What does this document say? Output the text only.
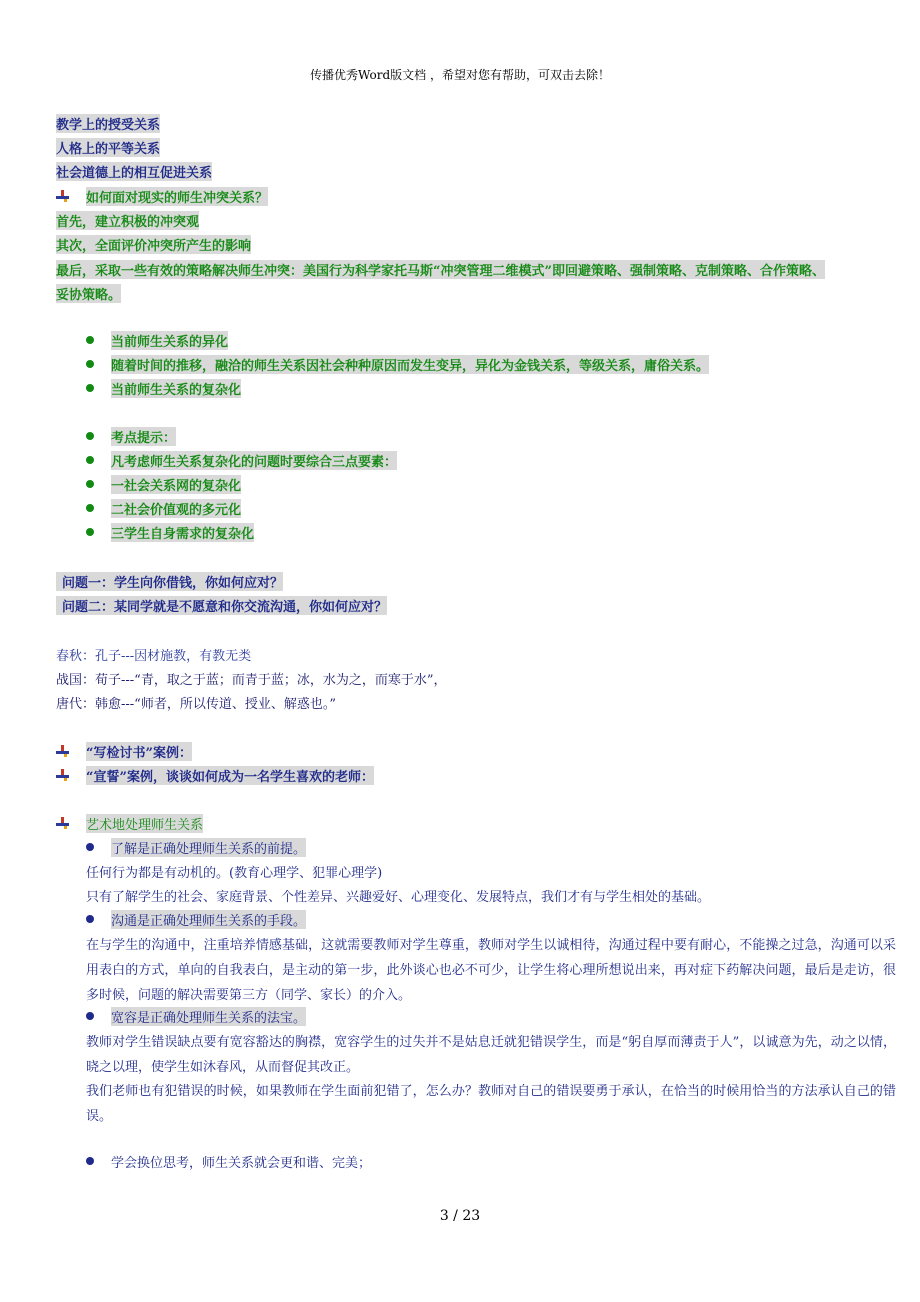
传播优秀Word版文档 ，希望对您有帮助，可双击去除！
教学上的授受关系
人格上的平等关系
社会道德上的相互促进关系
如何面对现实的师生冲突关系？
首先，建立积极的冲突观
其次，全面评价冲突所产生的影响
最后，采取一些有效的策略解决师生冲突：美国行为科学家托马斯“冲突管理二维模式”即回避策略、强制策略、克制策略、合作策略、
妥协策略。
当前师生关系的异化
随着时间的推移，融洽的师生关系因社会种种原因而发生变异，异化为金钱关系，等级关系，庸俗关系。
当前师生关系的复杂化
考点提示：
凡考虑师生关系复杂化的问题时要综合三点要素：
一社会关系网的复杂化
二社会价值观的多元化
三学生自身需求的复杂化
问题一：学生向你借钱，你如何应对？
问题二：某同学就是不愿意和你交流沟通，你如何应对？
春秋：孔子---因材施教，有教无类
战国：荀子---“青，取之于蓝；而青于蓝；冰，水为之，而寒于水”，
唐代：韩愈---“师者，所以传道、授业、解惑也。”
“写检讨书”案例：
“宣誓”案例，谈谈如何成为一名学生喜欢的老师：
艺术地处理师生关系
了解是正确处理师生关系的前提。
任何行为都是有动机的。(教育心理学、犯罪心理学)
只有了解学生的社会、家庭背景、个性差异、兴趣爱好、心理变化、发展特点，我们才有与学生相处的基础。
沟通是正确处理师生关系的手段。
在与学生的沟通中，注重培养情感基础，这就需要教师对学生尊重，教师对学生以诚相待，沟通过程中要有耐心，不能操之过急，沟通可以采用表白的方式，单向的自我表白，是主动的第一步，此外谈心也必不可少，让学生将心理所想说出来，再对症下药解决问题，最后是走访，很多时候，问题的解决需要第三方（同学、家长）的介入。
宽容是正确处理师生关系的法宝。
教师对学生错误缺点要有宽容豁达的胸襟，宽容学生的过失并不是姑息迁就犯错误学生，而是“躬自厚而薄责于人”，以诚意为先，动之以情，晓之以理，使学生如沐春风，从而督促其改正。
我们老师也有犯错误的时候，如果教师在学生面前犯错了，怎么办？教师对自己的错误要勇于承认，在恰当的时候用恰当的方法承认自己的错误。
学会换位思考，师生关系就会更和谐、完美；
3 / 23
